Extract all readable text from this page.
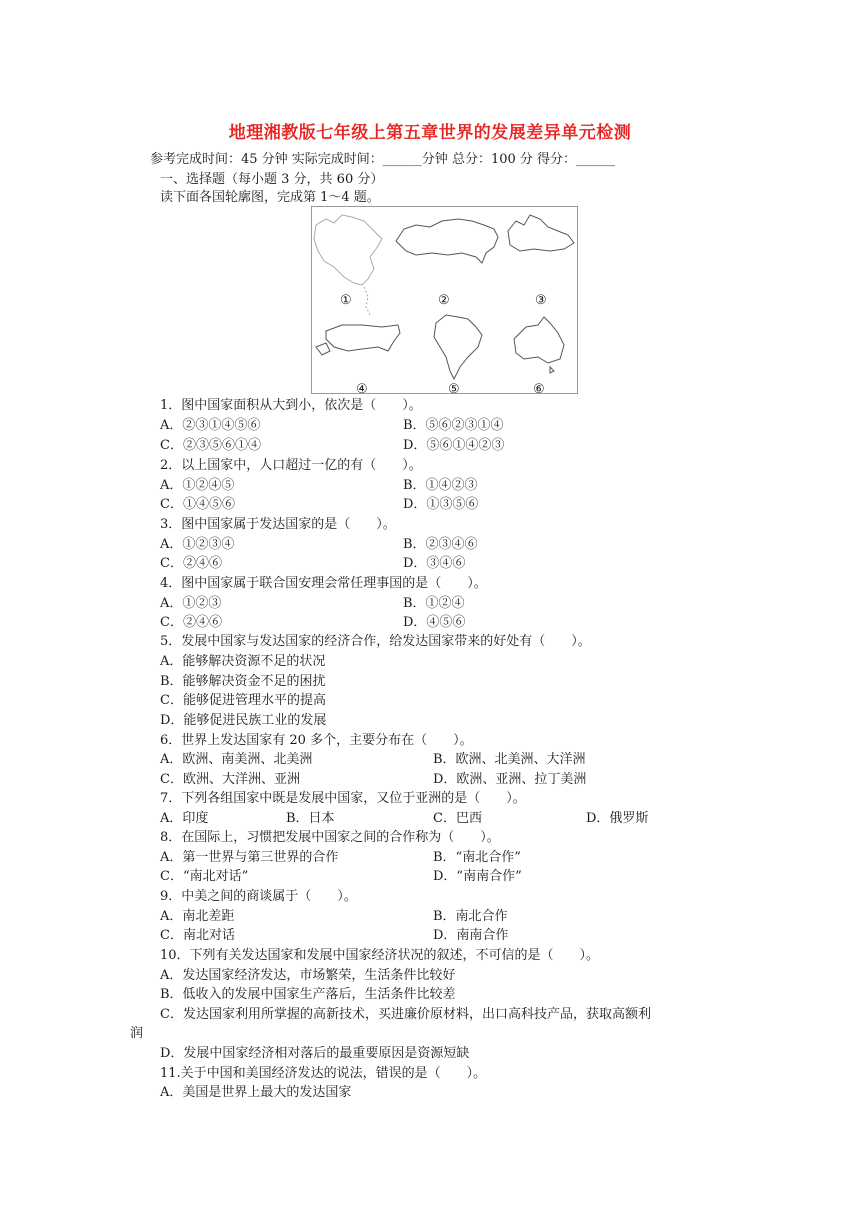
地理湘教版七年级上第五章世界的发展差异单元检测
参考完成时间：45 分钟 实际完成时间：______分钟 总分：100 分 得分：______
一、选择题（每小题 3 分，共 60 分）
读下面各国轮廓图，完成第 1～4 题。
①	②	③
④	⑤	⑥
1．图中国家面积从大到小，依次是（　　）。
A．②③①④⑤⑥	B．⑤⑥②③①④
C．②③⑤⑥①④	D．⑤⑥①④②③
2．以上国家中，人口超过一亿的有（　　）。
A．①②④⑤	B．①④②③
C．①④⑤⑥	D．①③⑤⑥
3．图中国家属于发达国家的是（　　）。
A．①②③④	B．②③④⑥
C．②④⑥	D．③④⑥
4．图中国家属于联合国安理会常任理事国的是（　　）。
A．①②③	B．①②④
C．②④⑥	D．④⑤⑥
5．发展中国家与发达国家的经济合作，给发达国家带来的好处有（　　）。
A．能够解决资源不足的状况
B．能够解决资金不足的困扰
C．能够促进管理水平的提高
D．能够促进民族工业的发展
6．世界上发达国家有 20 多个，主要分布在（　　）。
A．欧洲、南美洲、北美洲	B．欧洲、北美洲、大洋洲
C．欧洲、大洋洲、亚洲	D．欧洲、亚洲、拉丁美洲
7．下列各组国家中既是发展中国家，又位于亚洲的是（　　）。
A．印度	B．日本	C．巴西	D．俄罗斯
8．在国际上，习惯把发展中国家之间的合作称为（　　）。
A．第一世界与第三世界的合作	B．“南北合作”
C．“南北对话”	D．“南南合作”
9．中美之间的商谈属于（　　）。
A．南北差距	B．南北合作
C．南北对话	D．南南合作
10．下列有关发达国家和发展中国家经济状况的叙述，不可信的是（　　）。
A．发达国家经济发达，市场繁荣，生活条件比较好
B．低收入的发展中国家生产落后，生活条件比较差
C．发达国家利用所掌握的高新技术，买进廉价原材料，出口高科技产品，获取高额利
润
D．发展中国家经济相对落后的最重要原因是资源短缺
11.关于中国和美国经济发达的说法，错误的是（　　）。
A．美国是世界上最大的发达国家
